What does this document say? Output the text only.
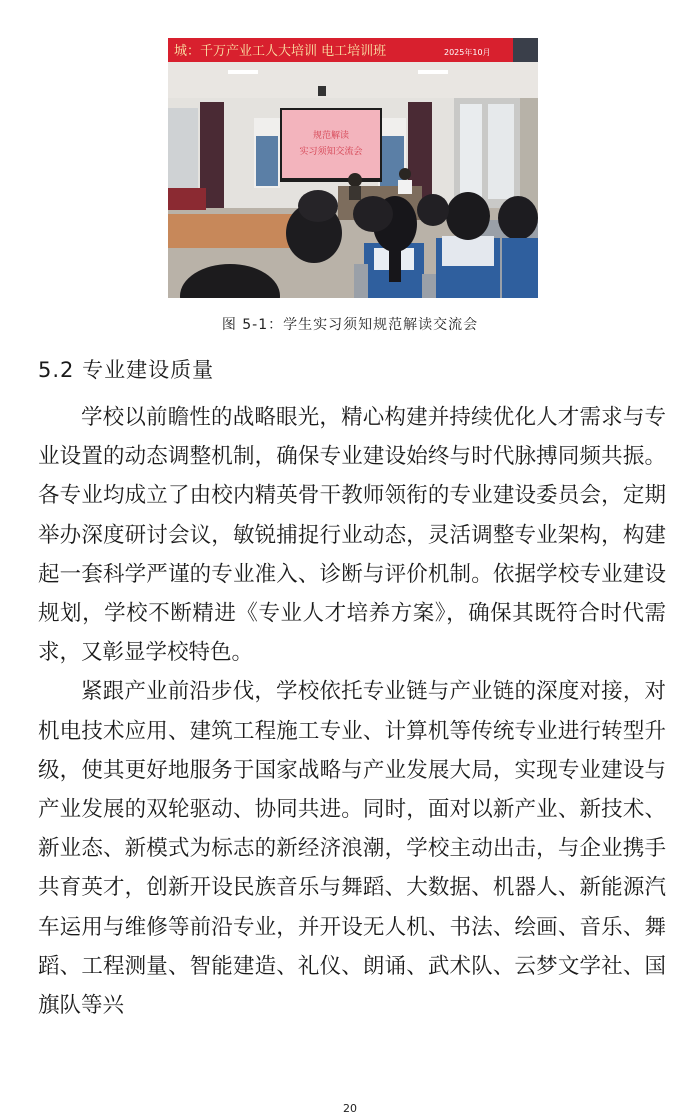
城：千万产业工人大培训 电工培训班	2025年10月
规范解读
实习须知交流会
图 5-1：学生实习须知规范解读交流会
5.2 专业建设质量

学校以前瞻性的战略眼光，精心构建并持续优化人才需求与专业设置的动态调整机制，确保专业建设始终与时代脉搏同频共振。各专业均成立了由校内精英骨干教师领衔的专业建设委员会，定期举办深度研讨会议，敏锐捕捉行业动态，灵活调整专业架构，构建起一套科学严谨的专业准入、诊断与评价机制。依据学校专业建设规划，学校不断精进《专业人才培养方案》，确保其既符合时代需求，又彰显学校特色。

紧跟产业前沿步伐，学校依托专业链与产业链的深度对接，对机电技术应用、建筑工程施工专业、计算机等传统专业进行转型升级，使其更好地服务于国家战略与产业发展大局，实现专业建设与产业发展的双轮驱动、协同共进。同时，面对以新产业、新技术、新业态、新模式为标志的新经济浪潮，学校主动出击，与企业携手共育英才，创新开设民族音乐与舞蹈、大数据、机器人、新能源汽车运用与维修等前沿专业，并开设无人机、书法、绘画、音乐、舞蹈、工程测量、智能建造、礼仪、朗诵、武术队、云梦文学社、国旗队等兴

20
